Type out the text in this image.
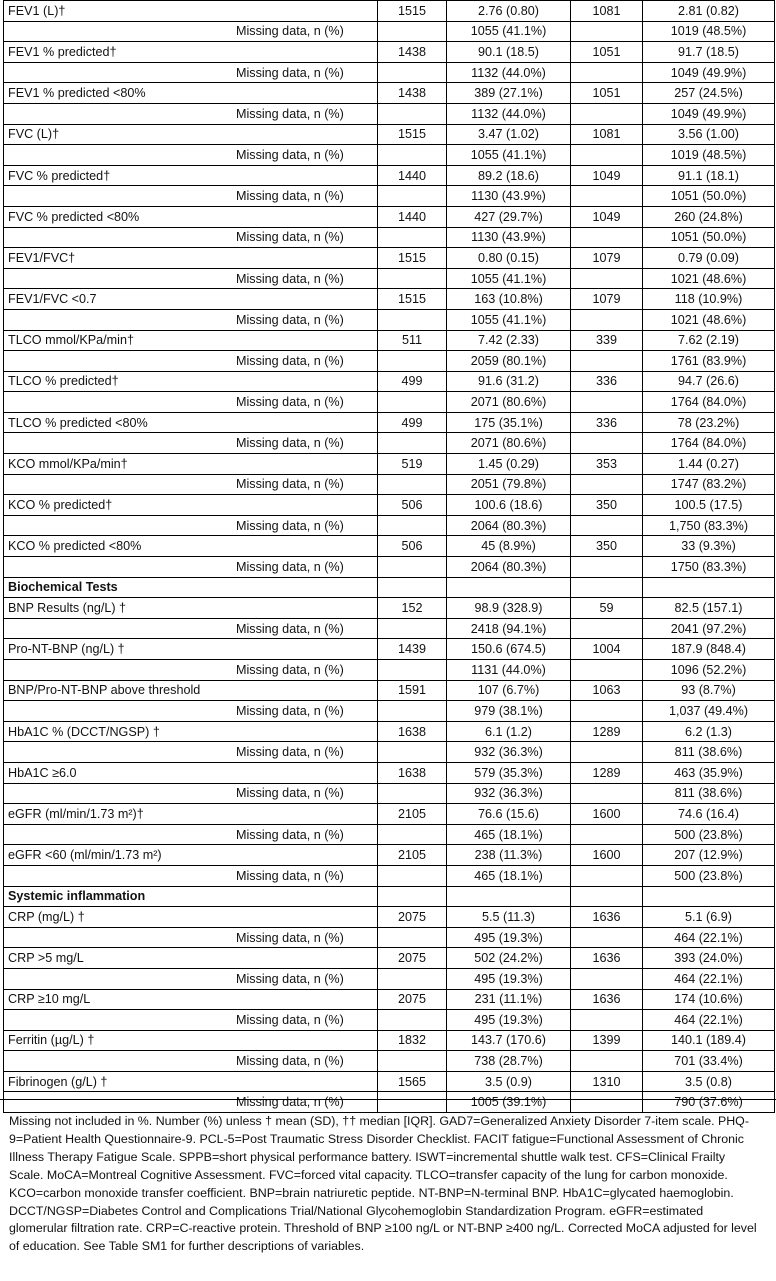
FEV1 (L)†	1515	2.76 (0.80)	1081	2.81 (0.82)
Missing data, n (%)		1055 (41.1%)		1019 (48.5%)
FEV1 % predicted†	1438	90.1 (18.5)	1051	91.7 (18.5)
Missing data, n (%)		1132 (44.0%)		1049 (49.9%)
FEV1 % predicted <80%	1438	389 (27.1%)	1051	257 (24.5%)
Missing data, n (%)		1132 (44.0%)		1049 (49.9%)
FVC (L)†	1515	3.47 (1.02)	1081	3.56 (1.00)
Missing data, n (%)		1055 (41.1%)		1019 (48.5%)
FVC % predicted†	1440	89.2 (18.6)	1049	91.1 (18.1)
Missing data, n (%)		1130 (43.9%)		1051 (50.0%)
FVC % predicted <80%	1440	427 (29.7%)	1049	260 (24.8%)
Missing data, n (%)		1130 (43.9%)		1051 (50.0%)
FEV1/FVC†	1515	0.80 (0.15)	1079	0.79 (0.09)
Missing data, n (%)		1055 (41.1%)		1021 (48.6%)
FEV1/FVC <0.7	1515	163 (10.8%)	1079	118 (10.9%)
Missing data, n (%)		1055 (41.1%)		1021 (48.6%)
TLCO mmol/KPa/min†	511	7.42 (2.33)	339	7.62 (2.19)
Missing data, n (%)		2059 (80.1%)		1761 (83.9%)
TLCO % predicted†	499	91.6 (31.2)	336	94.7 (26.6)
Missing data, n (%)		2071 (80.6%)		1764 (84.0%)
TLCO % predicted <80%	499	175 (35.1%)	336	78 (23.2%)
Missing data, n (%)		2071 (80.6%)		1764 (84.0%)
KCO mmol/KPa/min†	519	1.45 (0.29)	353	1.44 (0.27)
Missing data, n (%)		2051 (79.8%)		1747 (83.2%)
KCO % predicted†	506	100.6 (18.6)	350	100.5 (17.5)
Missing data, n (%)		2064 (80.3%)		1,750 (83.3%)
KCO % predicted <80%	506	45 (8.9%)	350	33 (9.3%)
Missing data, n (%)		2064 (80.3%)		1750 (83.3%)
Biochemical Tests				
BNP Results (ng/L) †	152	98.9 (328.9)	59	82.5 (157.1)
Missing data, n (%)		2418 (94.1%)		2041 (97.2%)
Pro-NT-BNP (ng/L) †	1439	150.6 (674.5)	1004	187.9 (848.4)
Missing data, n (%)		1131 (44.0%)		1096 (52.2%)
BNP/Pro-NT-BNP above threshold	1591	107 (6.7%)	1063	93 (8.7%)
Missing data, n (%)		979 (38.1%)		1,037 (49.4%)
HbA1C % (DCCT/NGSP) †	1638	6.1 (1.2)	1289	6.2 (1.3)
Missing data, n (%)		932 (36.3%)		811 (38.6%)
HbA1C ≥6.0	1638	579 (35.3%)	1289	463 (35.9%)
Missing data, n (%)		932 (36.3%)		811 (38.6%)
eGFR (ml/min/1.73 m²)†	2105	76.6 (15.6)	1600	74.6 (16.4)
Missing data, n (%)		465 (18.1%)		500 (23.8%)
eGFR <60 (ml/min/1.73 m²)	2105	238 (11.3%)	1600	207 (12.9%)
Missing data, n (%)		465 (18.1%)		500 (23.8%)
Systemic inflammation				
CRP (mg/L) †	2075	5.5 (11.3)	1636	5.1 (6.9)
Missing data, n (%)		495 (19.3%)		464 (22.1%)
CRP >5 mg/L	2075	502 (24.2%)	1636	393 (24.0%)
Missing data, n (%)		495 (19.3%)		464 (22.1%)
CRP ≥10 mg/L	2075	231 (11.1%)	1636	174 (10.6%)
Missing data, n (%)		495 (19.3%)		464 (22.1%)
Ferritin (µg/L) †	1832	143.7 (170.6)	1399	140.1 (189.4)
Missing data, n (%)		738 (28.7%)		701 (33.4%)
Fibrinogen (g/L) †	1565	3.5 (0.9)	1310	3.5 (0.8)
Missing data, n (%)		1005 (39.1%)		790 (37.6%)

Missing not included in %. Number (%) unless † mean (SD), †† median [IQR]. GAD7=Generalized Anxiety Disorder 7-item scale. PHQ-9=Patient Health Questionnaire-9. PCL-5=Post Traumatic Stress Disorder Checklist. FACIT fatigue=Functional Assessment of Chronic Illness Therapy Fatigue Scale. SPPB=short physical performance battery. ISWT=incremental shuttle walk test. CFS=Clinical Frailty Scale. MoCA=Montreal Cognitive Assessment. FVC=forced vital capacity. TLCO=transfer capacity of the lung for carbon monoxide. KCO=carbon monoxide transfer coefficient. BNP=brain natriuretic peptide. NT-BNP=N-terminal BNP. HbA1C=glycated haemoglobin. DCCT/NGSP=Diabetes Control and Complications Trial/National Glycohemoglobin Standardization Program. eGFR=estimated glomerular filtration rate. CRP=C-reactive protein. Threshold of BNP ≥100 ng/L or NT-BNP ≥400 ng/L. Corrected MoCA adjusted for level of education. See Table SM1 for further descriptions of variables.
